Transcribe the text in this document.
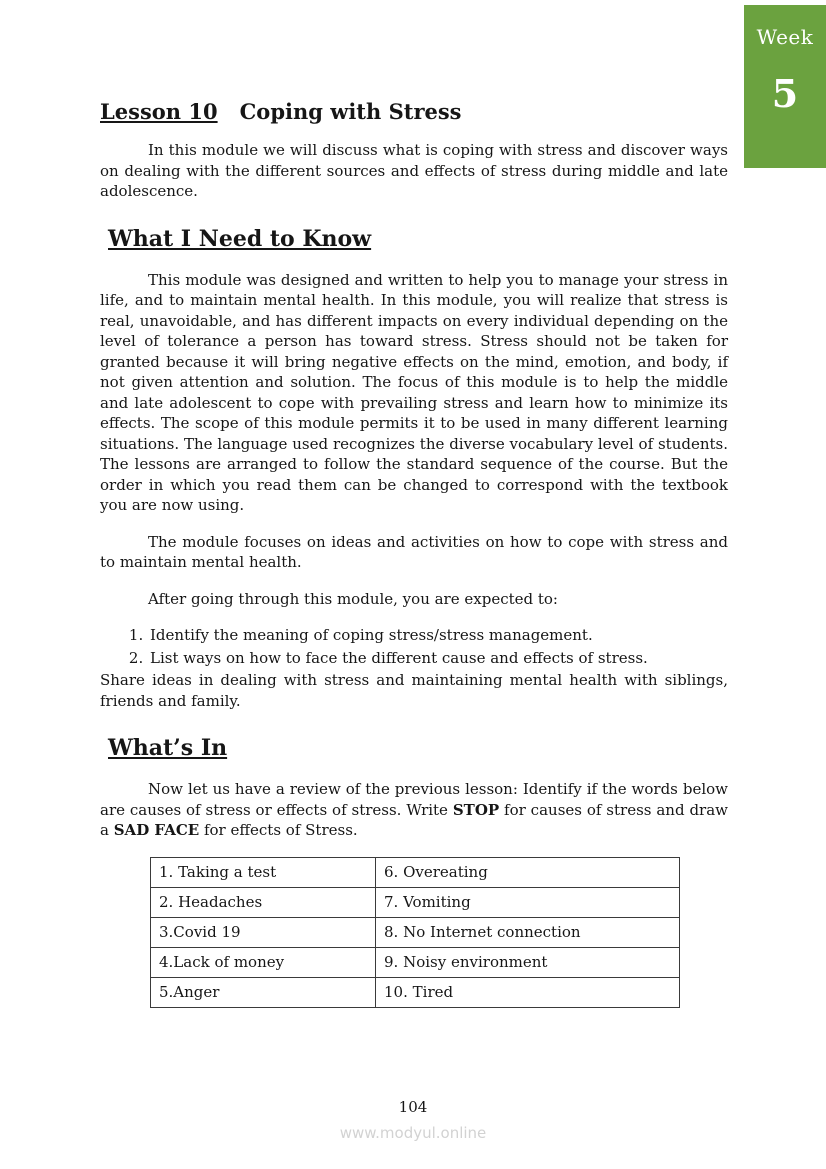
Week
5
Lesson 10 Coping with Stress

In this module we will discuss what is coping with stress and discover ways on dealing with the different sources and effects of stress during middle and late adolescence.

What I Need to Know

This module was designed and written to help you to manage your stress in life, and to maintain mental health. In this module, you will realize that stress is real, unavoidable, and has different impacts on every individual depending on the level of tolerance a person has toward stress. Stress should not be taken for granted because it will bring negative effects on the mind, emotion, and body, if not given attention and solution. The focus of this module is to help the middle and late adolescent to cope with prevailing stress and learn how to minimize its effects. The scope of this module permits it to be used in many different learning situations. The language used recognizes the diverse vocabulary level of students. The lessons are arranged to follow the standard sequence of the course. But the order in which you read them can be changed to correspond with the textbook you are now using.

The module focuses on ideas and activities on how to cope with stress and to maintain mental health.

After going through this module, you are expected to:

1. Identify the meaning of coping stress/stress management.
2. List ways on how to face the different cause and effects of stress.

Share ideas in dealing with stress and maintaining mental health with siblings, friends and family.

What’s In

Now let us have a review of the previous lesson: Identify if the words below are causes of stress or effects of stress. Write STOP for causes of stress and draw a SAD FACE for effects of Stress.

1. Taking a test	6. Overeating
2. Headaches	7. Vomiting
3.Covid 19	8. No Internet connection
4.Lack of money	9. Noisy environment
5.Anger	10. Tired
104
www.modyul.online
